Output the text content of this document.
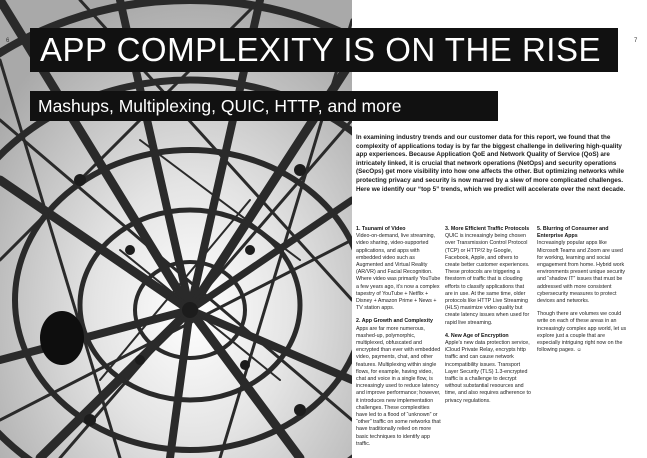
6	7
APP COMPLEXITY IS ON THE RISE
Mashups, Multiplexing, QUIC, HTTP, and more
In examining industry trends and our customer data for this report, we found that the complexity of applications today is by far the biggest challenge in delivering high-quality app experiences. Because Application QoE and Network Quality of Service (QoS) are intricately linked, it is crucial that network operations (NetOps) and security operations (SecOps) get more visibility into how one affects the other. But optimizing networks while protecting privacy and security is now marred by a slew of more complicated challenges. Here we identify our “top 5” trends, which we predict will accelerate over the next decade.
1. Tsunami of Video
Video-on-demand, live streaming, video sharing, video-supported applications, and apps with embedded video such as Augmented and Virtual Reality (AR/VR) and Facial Recognition. Where video was primarily YouTube a few years ago, it’s now a complex tapestry of YouTube + Netflix + Disney + Amazon Prime + News + TV station apps.
2. App Growth and Complexity
Apps are far more numerous, mashed-up, polymorphic, multiplexed, obfuscated and encrypted than ever with embedded video, payments, chat, and other features. Multiplexing within single flows, for example, having video, chat and voice in a single flow, is increasingly used to reduce latency and improve performance; however, it introduces new implementation challenges. These complexities have led to a flood of “unknown” or “other” traffic on some networks that have traditionally relied on more basic techniques to identify app traffic.
3. More Efficient Traffic Protocols
QUIC is increasingly being chosen over Transmission Control Protocol (TCP) or HTTP/2 by Google, Facebook, Apple, and others to create better customer experiences. These protocols are triggering a firestorm of traffic that is clouding efforts to classify applications that are in use. At the same time, older protocols like HTTP Live Streaming (HLS) maximize video quality but create latency issues when used for rapid live streaming.
4. New Age of Encryption
Apple’s new data protection service, iCloud Private Relay, encrypts http traffic and can cause network incompatibility issues. Transport Layer Security (TLS) 1.3-encrypted traffic is a challenge to decrypt without substantial resources and time, and also requires adherence to privacy regulations.
5. Blurring of Consumer and Enterprise Apps
Increasingly popular apps like Microsoft Teams and Zoom are used for working, learning and social engagement from home. Hybrid work environments present unique security and “shadow IT” issues that must be addressed with more consistent cybersecurity measures to protect devices and networks.
Though there are volumes we could write on each of these areas in an increasingly complex app world, let us explore just a couple that are especially intriguing right now on the following pages. ☺
